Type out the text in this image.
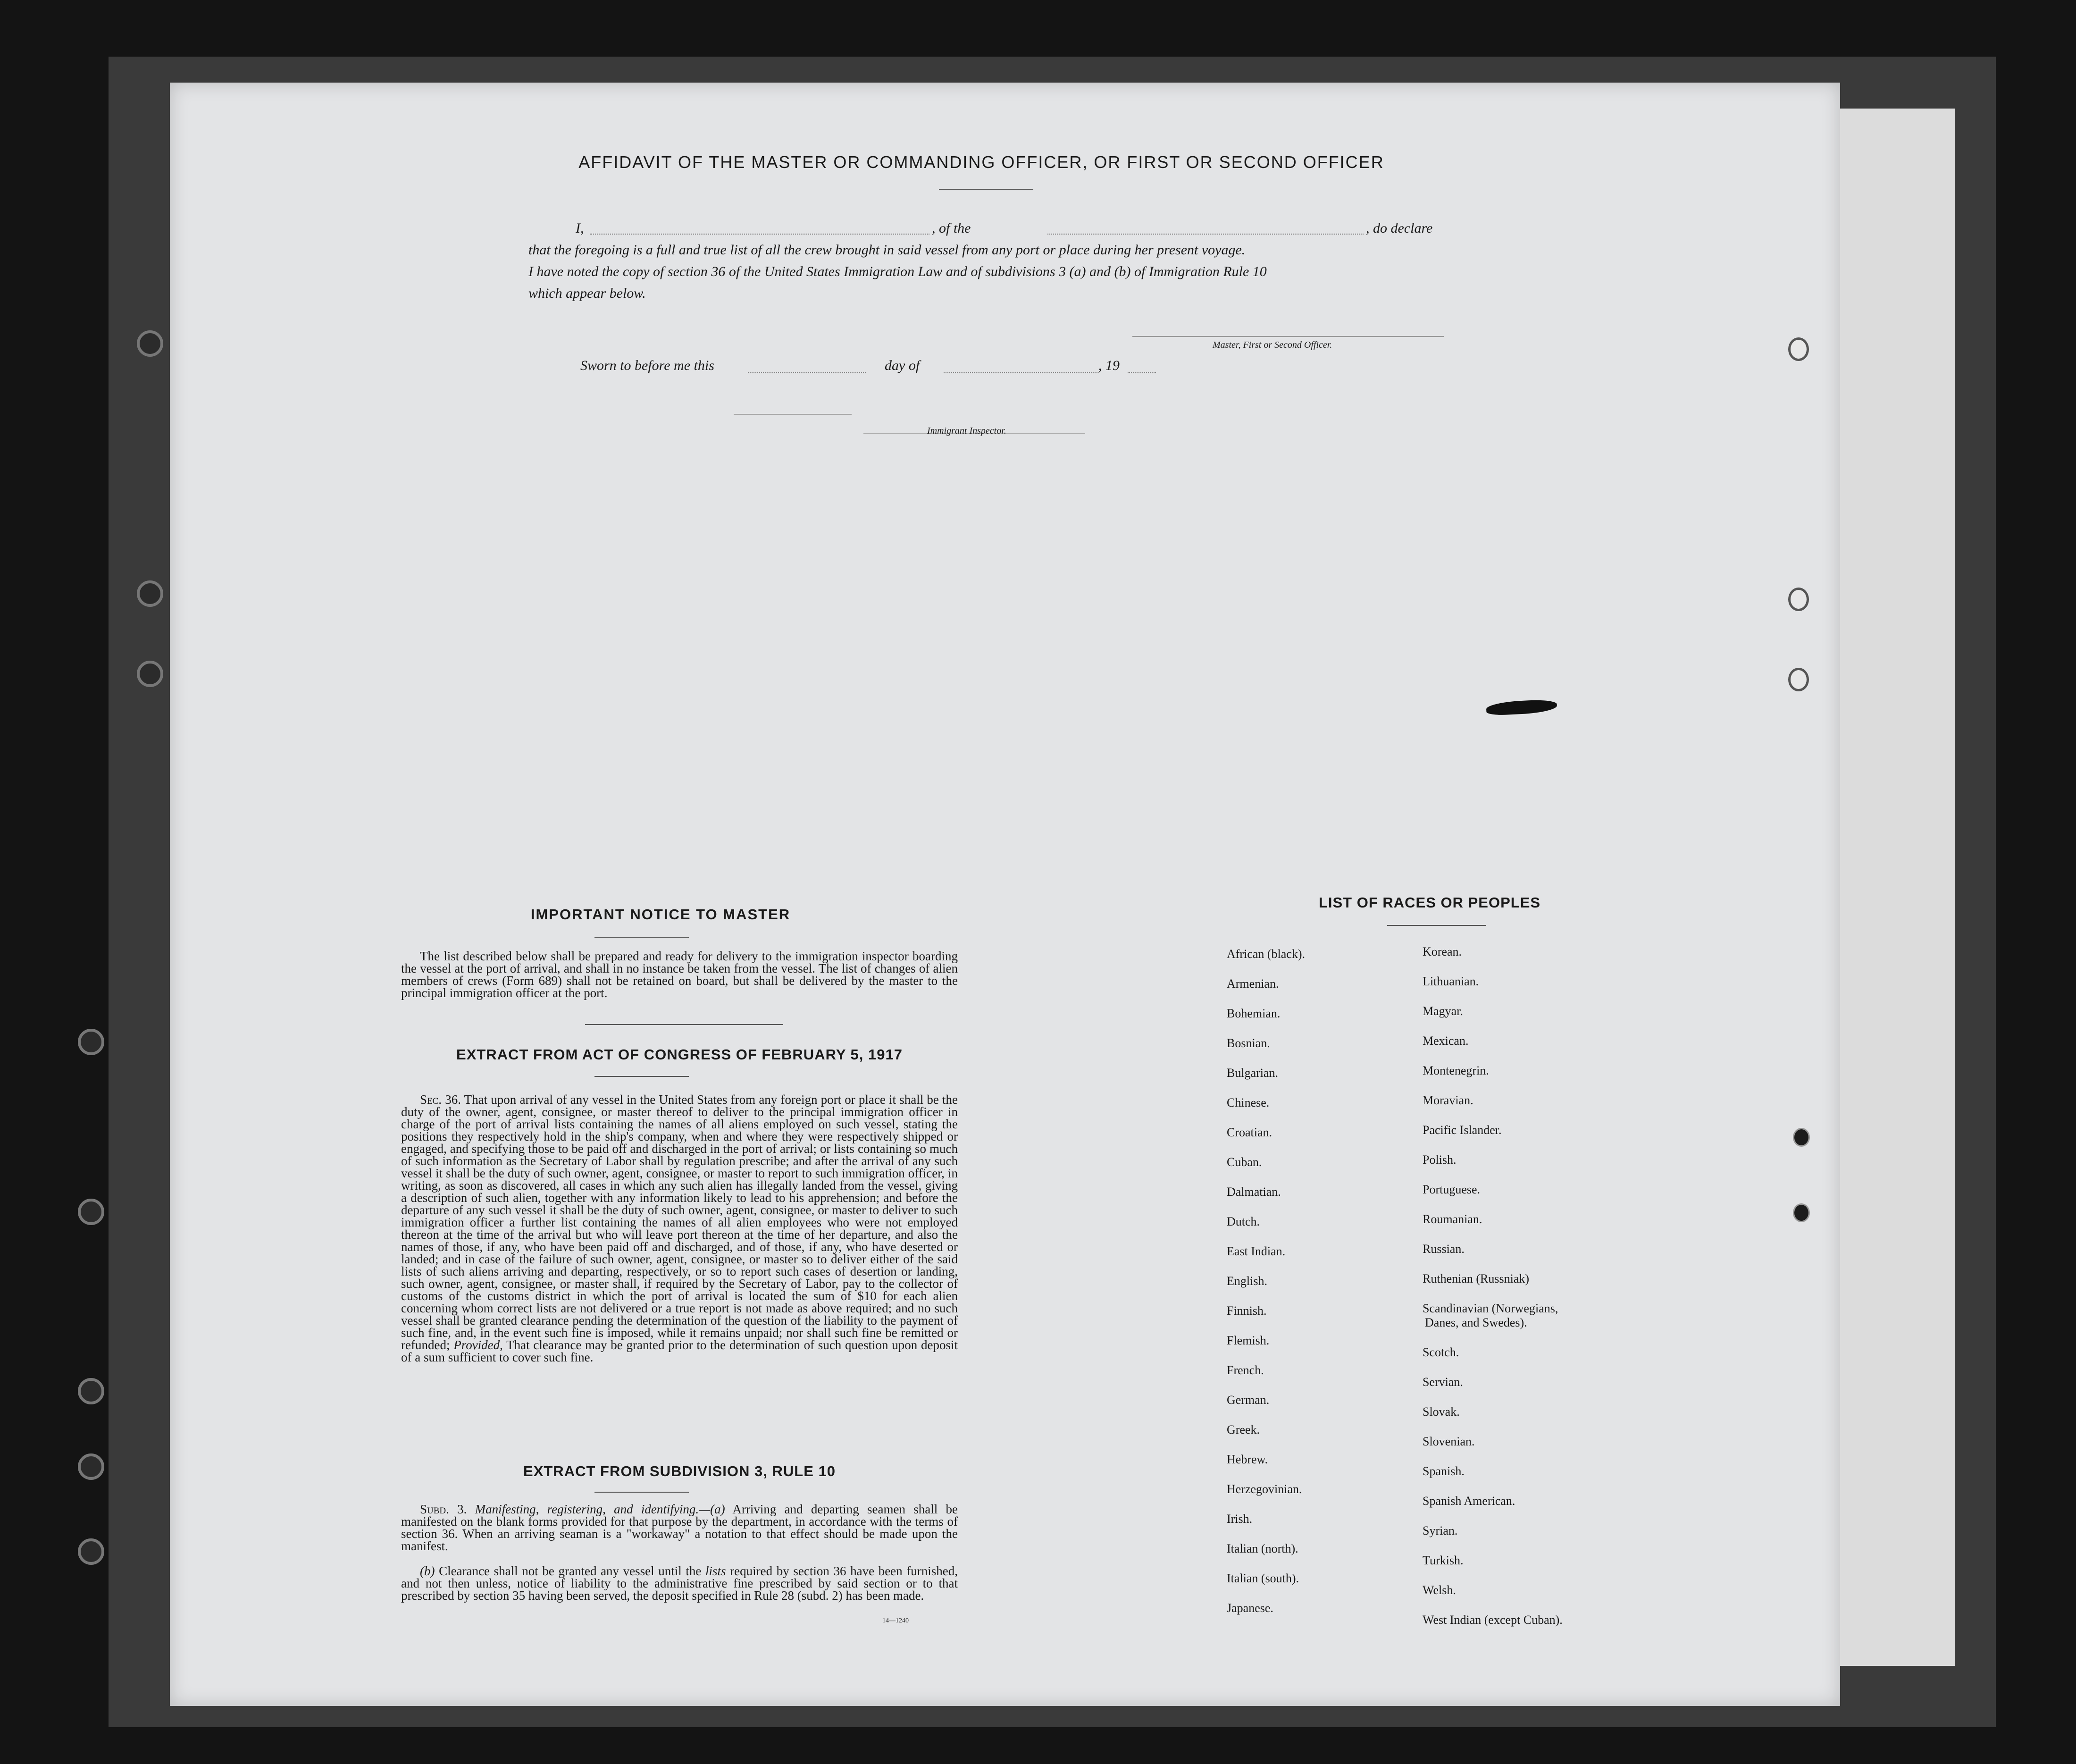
AFFIDAVIT OF THE MASTER OR COMMANDING OFFICER, OR FIRST OR SECOND OFFICER
I,	, of the	, do declare
that the foregoing is a full and true list of all the crew brought in said vessel from any port or place during her present voyage.
I have noted the copy of section 36 of the United States Immigration Law and of subdivisions 3 (a) and (b) of Immigration Rule 10
which appear below.
Master, First or Second Officer.
Sworn to before me this	day of	, 19
Immigrant Inspector.
IMPORTANT NOTICE TO MASTER
The list described below shall be prepared and ready for delivery to the immigration inspector boarding the vessel at the port of arrival, and shall in no instance be taken from the vessel. The list of changes of alien members of crews (Form 689) shall not be retained on board, but shall be delivered by the master to the principal immigration officer at the port.
EXTRACT FROM ACT OF CONGRESS OF FEBRUARY 5, 1917
Sec. 36. That upon arrival of any vessel in the United States from any foreign port or place it shall be the duty of the owner, agent, consignee, or master thereof to deliver to the principal immigration officer in charge of the port of arrival lists containing the names of all aliens employed on such vessel, stating the positions they respectively hold in the ship's company, when and where they were respectively shipped or engaged, and specifying those to be paid off and discharged in the port of arrival; or lists containing so much of such information as the Secretary of Labor shall by regulation prescribe; and after the arrival of any such vessel it shall be the duty of such owner, agent, consignee, or master to report to such immigration officer, in writing, as soon as discovered, all cases in which any such alien has illegally landed from the vessel, giving a description of such alien, together with any information likely to lead to his apprehension; and before the departure of any such vessel it shall be the duty of such owner, agent, consignee, or master to deliver to such immigration officer a further list containing the names of all alien employees who were not employed thereon at the time of the arrival but who will leave port thereon at the time of her departure, and also the names of those, if any, who have been paid off and discharged, and of those, if any, who have deserted or landed; and in case of the failure of such owner, agent, consignee, or master so to deliver either of the said lists of such aliens arriving and departing, respectively, or so to report such cases of desertion or landing, such owner, agent, consignee, or master shall, if required by the Secretary of Labor, pay to the collector of customs of the customs district in which the port of arrival is located the sum of $10 for each alien concerning whom correct lists are not delivered or a true report is not made as above required; and no such vessel shall be granted clearance pending the determination of the question of the liability to the payment of such fine, and, in the event such fine is imposed, while it remains unpaid; nor shall such fine be remitted or refunded; Provided, That clearance may be granted prior to the determination of such question upon deposit of a sum sufficient to cover such fine.
EXTRACT FROM SUBDIVISION 3, RULE 10
Subd. 3. Manifesting, registering, and identifying.—(a) Arriving and departing seamen shall be manifested on the blank forms provided for that purpose by the department, in accordance with the terms of section 36. When an arriving seaman is a "workaway" a notation to that effect should be made upon the manifest.
(b) Clearance shall not be granted any vessel until the lists required by section 36 have been furnished, and not then unless, notice of liability to the administrative fine prescribed by said section or to that prescribed by section 35 having been served, the deposit specified in Rule 28 (subd. 2) has been made.
14—1240
LIST OF RACES OR PEOPLES
African (black).
Armenian.
Bohemian.
Bosnian.
Bulgarian.
Chinese.
Croatian.
Cuban.
Dalmatian.
Dutch.
East Indian.
English.
Finnish.
Flemish.
French.
German.
Greek.
Hebrew.
Herzegovinian.
Irish.
Italian (north).
Italian (south).
Japanese.
Korean.
Lithuanian.
Magyar.
Mexican.
Montenegrin.
Moravian.
Pacific Islander.
Polish.
Portuguese.
Roumanian.
Russian.
Ruthenian (Russniak)
Scandinavian (Norwegians,
Danes, and Swedes).
Scotch.
Servian.
Slovak.
Slovenian.
Spanish.
Spanish American.
Syrian.
Turkish.
Welsh.
West Indian (except Cuban).
